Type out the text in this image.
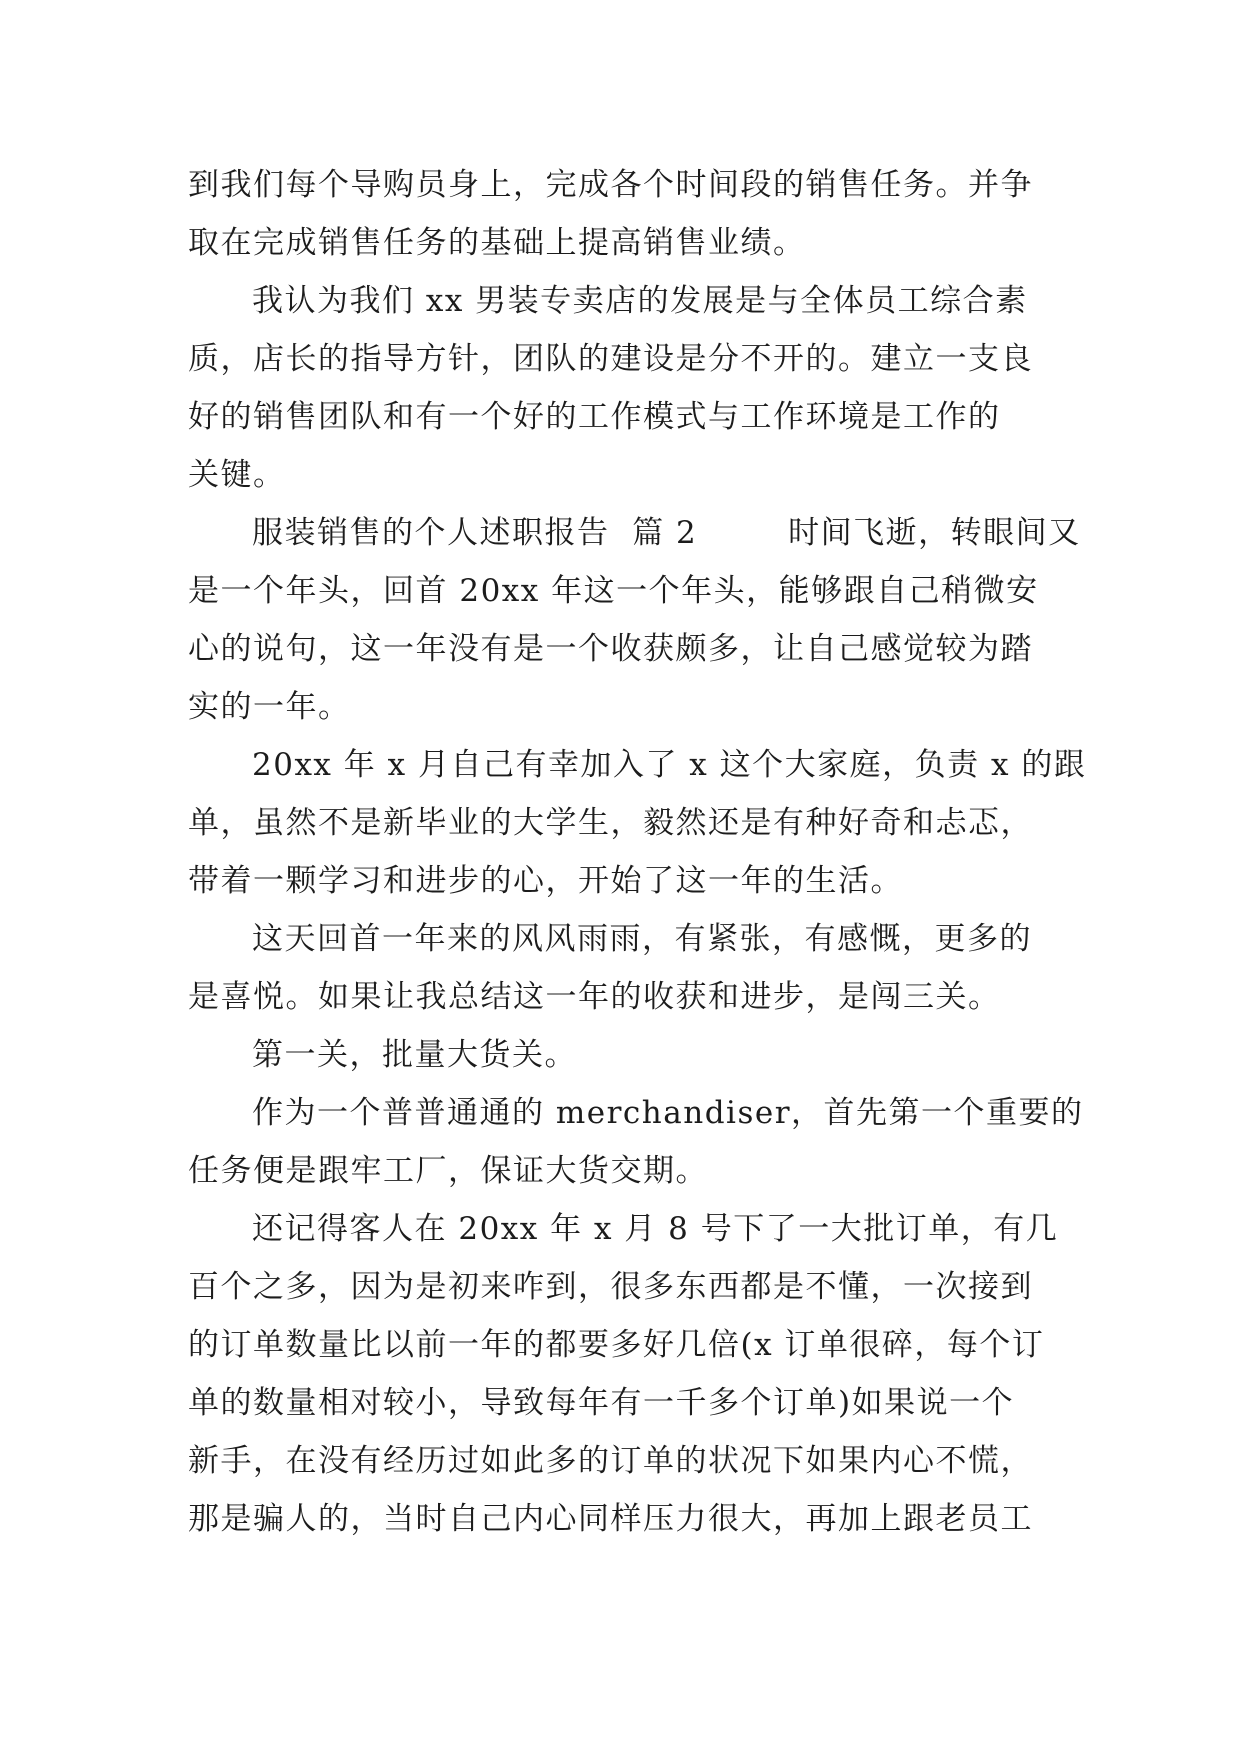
到我们每个导购员身上，完成各个时间段的销售任务。并争
取在完成销售任务的基础上提高销售业绩。
我认为我们 xx 男装专卖店的发展是与全体员工综合素
质，店长的指导方针，团队的建设是分不开的。建立一支良
好的销售团队和有一个好的工作模式与工作环境是工作的
关键。
服装销售的个人述职报告  篇 2        时间飞逝，转眼间又
是一个年头，回首 20xx 年这一个年头，能够跟自己稍微安
心的说句，这一年没有是一个收获颇多，让自己感觉较为踏
实的一年。
20xx 年 x 月自己有幸加入了 x 这个大家庭，负责 x 的跟
单，虽然不是新毕业的大学生，毅然还是有种好奇和忐忑，
带着一颗学习和进步的心，开始了这一年的生活。
这天回首一年来的风风雨雨，有紧张，有感慨，更多的
是喜悦。如果让我总结这一年的收获和进步，是闯三关。
第一关，批量大货关。
作为一个普普通通的 merchandiser，首先第一个重要的
任务便是跟牢工厂，保证大货交期。
还记得客人在 20xx 年 x 月 8 号下了一大批订单，有几
百个之多，因为是初来咋到，很多东西都是不懂，一次接到
的订单数量比以前一年的都要多好几倍(x 订单很碎，每个订
单的数量相对较小，导致每年有一千多个订单)如果说一个
新手，在没有经历过如此多的订单的状况下如果内心不慌，
那是骗人的，当时自己内心同样压力很大，再加上跟老员工
